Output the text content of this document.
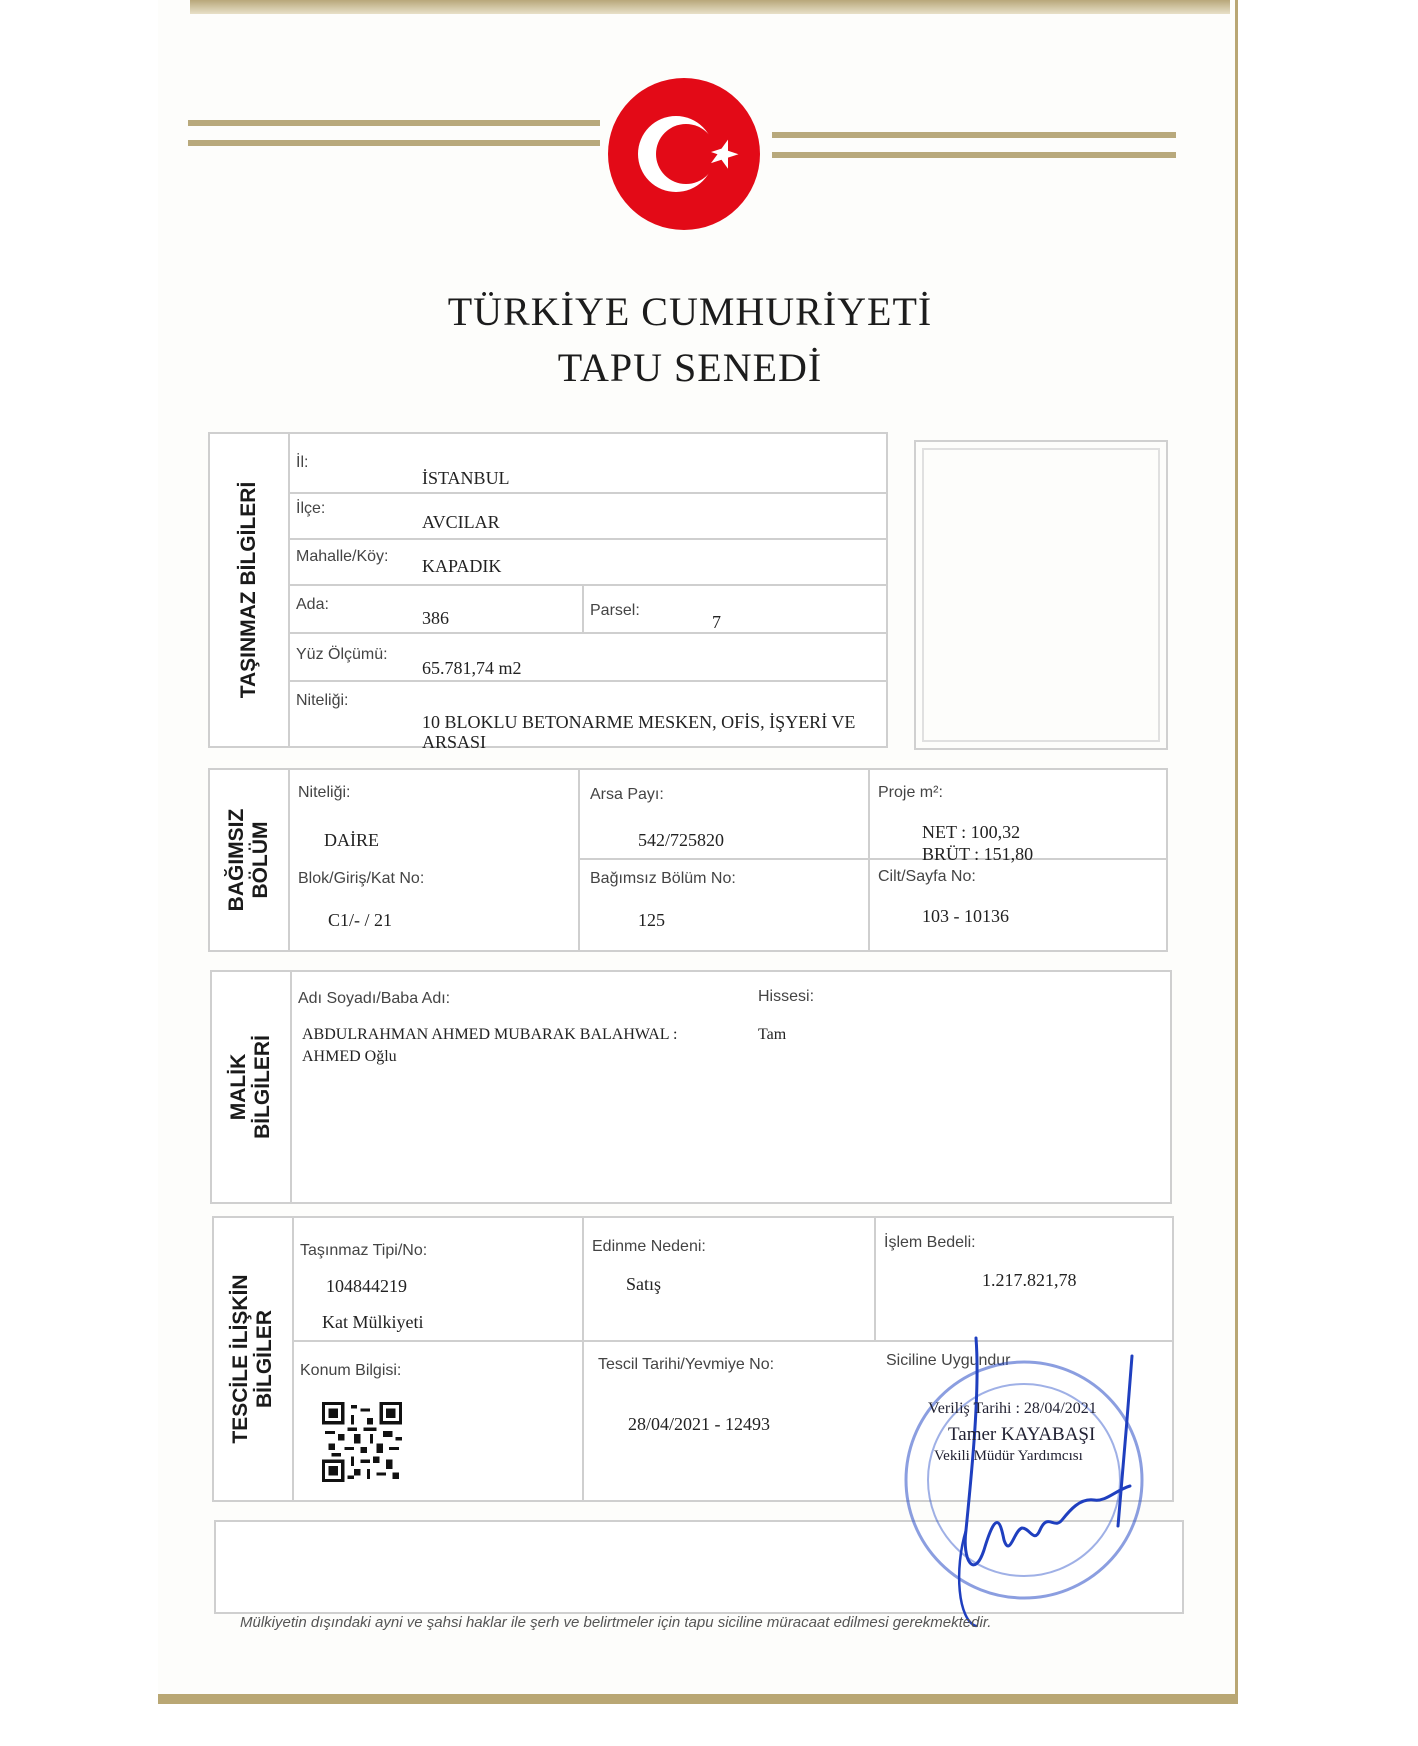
TÜRKİYE CUMHURİYETİ
TAPU SENEDİ
TAŞINMAZ BİLGİLERİ
İl:
İSTANBUL
İlçe:
AVCILAR
Mahalle/Köy: KAPADIK
Ada:
386	Parsel:
7
Yüz Ölçümü:
65.781,74 m2
Niteliği:
10 BLOKLU BETONARME MESKEN, OFİS, İŞYERİ VE
ARSASI
BAĞIMSIZ BÖLÜM
Niteliği:
DAİRE
Arsa Payı:
542/725820
Proje m²:
NET : 100,32
BRÜT : 151,80
Blok/Giriş/Kat No:
C1/- / 21
Bağımsız Bölüm No:
125
Cilt/Sayfa No:
103 - 10136
MALİK BİLGİLERİ
Adı Soyadı/Baba Adı:	Hissesi:
ABDULRAHMAN AHMED MUBARAK BALAHWAL :
AHMED Oğlu
Tam
TESCİLE İLİŞKİN BİLGİLER
Taşınmaz Tipi/No:
104844219
Kat Mülkiyeti
Edinme Nedeni:
Satış
İşlem Bedeli:
1.217.821,78
Konum Bilgisi:	Tescil Tarihi/Yevmiye No:
28/04/2021 - 12493
Siciline Uygundur
Veriliş Tarihi : 28/04/2021
Tamer KAYABAŞI
Vekili Müdür Yardımcısı
Mülkiyetin dışındaki ayni ve şahsi haklar ile şerh ve belirtmeler için tapu siciline müracaat edilmesi gerekmektedir.
